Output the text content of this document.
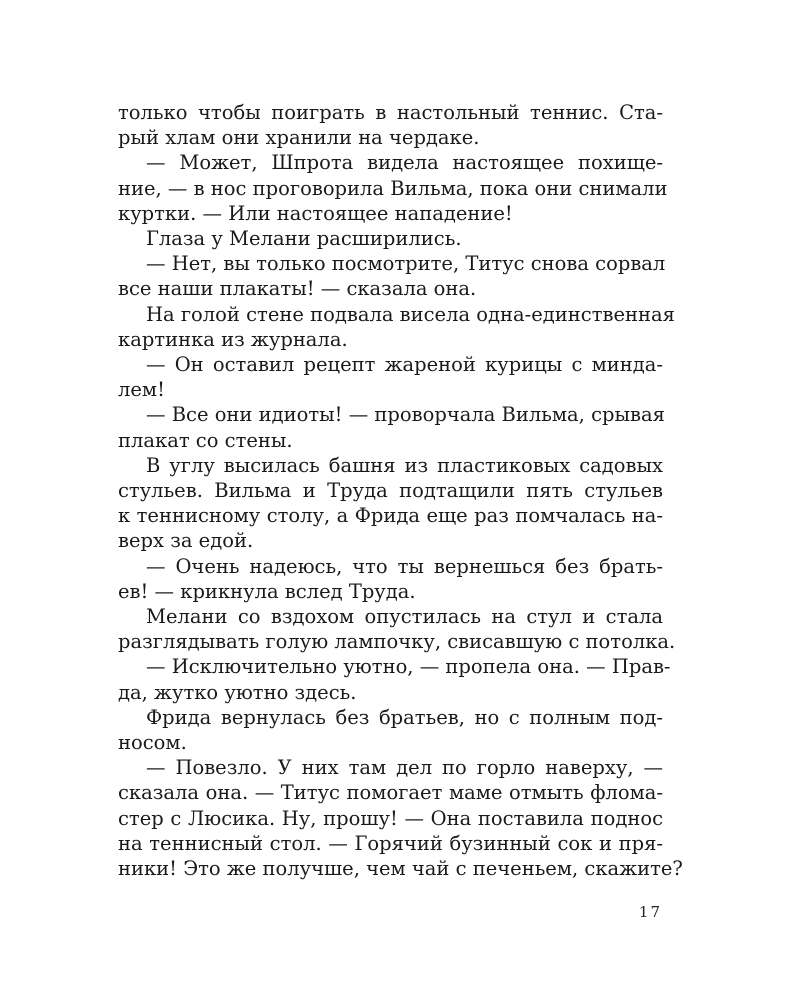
только чтобы поиграть в настольный теннис. Ста-
рый хлам они хранили на чердаке.
— Может, Шпрота видела настоящее похище-
ние, — в нос проговорила Вильма, пока они снимали
куртки. — Или настоящее нападение!
Глаза у Мелани расширились.
— Нет, вы только посмотрите, Титус снова сорвал
все наши плакаты! — сказала она.
На голой стене подвала висела одна-единственная
картинка из журнала.
— Он оставил рецепт жареной курицы с минда-
лем!
— Все они идиоты! — проворчала Вильма, срывая
плакат со стены.
В углу высилась башня из пластиковых садовых
стульев. Вильма и Труда подтащили пять стульев
к теннисному столу, а Фрида еще раз помчалась на-
верх за едой.
— Очень надеюсь, что ты вернешься без брать-
ев! — крикнула вслед Труда.
Мелани со вздохом опустилась на стул и стала
разглядывать голую лампочку, свисавшую с потолка.
— Исключительно уютно, — пропела она. — Прав-
да, жутко уютно здесь.
Фрида вернулась без братьев, но с полным под-
носом.
— Повезло. У них там дел по горло наверху, —
сказала она. — Титус помогает маме отмыть флома-
стер с Люсика. Ну, прошу! — Она поставила поднос
на теннисный стол. — Горячий бузинный сок и пря-
ники! Это же получше, чем чай с печеньем, скажите?
17
